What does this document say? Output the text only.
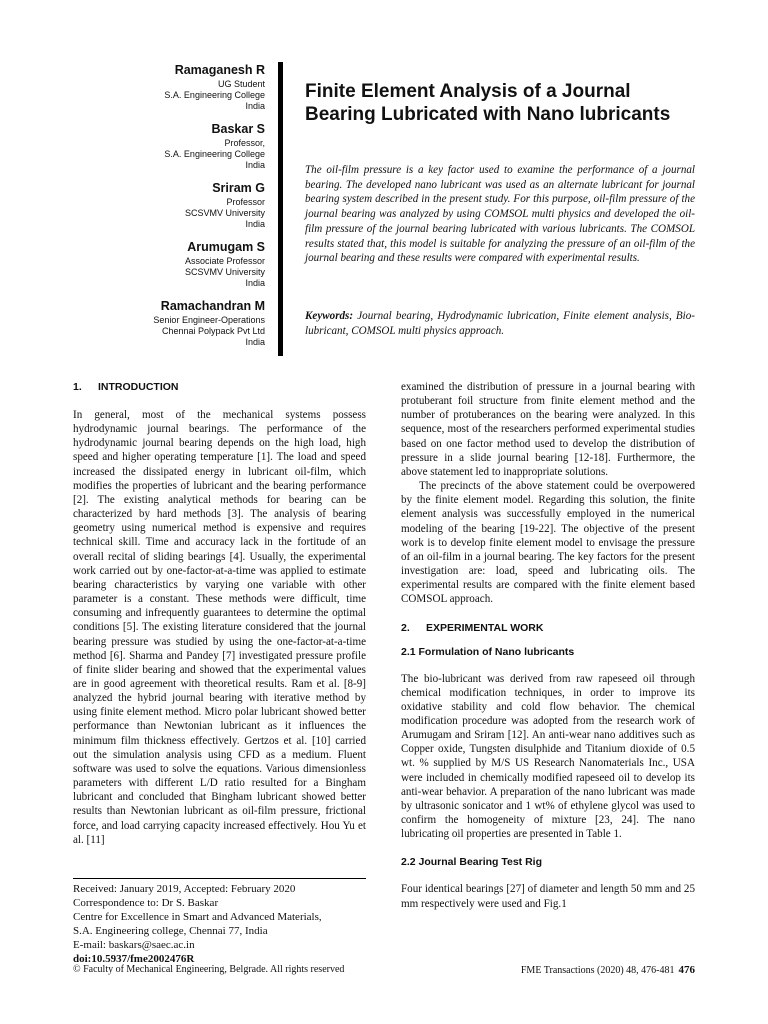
Ramaganesh R
UG Student
S.A. Engineering College
India
Baskar S
Professor,
S.A. Engineering College
India
Sriram G
Professor
SCSVMV University
India
Arumugam S
Associate Professor
SCSVMV University
India
Ramachandran M
Senior Engineer-Operations
Chennai Polypack Pvt Ltd
India
Finite Element Analysis of a Journal Bearing Lubricated with Nano lubricants

The oil-film pressure is a key factor used to examine the performance of a journal bearing. The developed nano lubricant was used as an alternate lubricant for journal bearing system described in the present study. For this purpose, oil-film pressure of the journal bearing was analyzed by using COMSOL multi physics and developed the oil-film pressure of the journal bearing lubricated with various lubricants. The COMSOL results stated that, this model is suitable for analyzing the pressure of an oil-film of the journal bearing and these results were compared with experimental results.

Keywords: Journal bearing, Hydrodynamic lubrication, Finite element analysis, Bio-lubricant, COMSOL multi physics approach.

1. INTRODUCTION

In general, most of the mechanical systems possess hydrodynamic journal bearings. The performance of the hydrodynamic journal bearing depends on the high load, high speed and higher operating temperature [1]. The load and speed increased the dissipated energy in lubricant oil-film, which modifies the properties of lubricant and the bearing performance [2]. The existing analytical methods for bearing can be characterized by hard methods [3]. The analysis of bearing geometry using numerical method is expensive and requires technical skill. Time and accuracy lack in the fortitude of an overall recital of sliding bearings [4]. Usually, the experimental work carried out by one-factor-at-a-time was applied to estimate bearing characteristics by varying one variable with other parameter is a constant. These methods were difficult, time consuming and infrequently guarantees to determine the optimal conditions [5]. The existing literature considered that the journal bearing pressure was studied by using the one-factor-at-a-time method [6]. Sharma and Pandey [7] investigated pressure profile of finite slider bearing and showed that the experimental values are in good agreement with theoretical results. Ram et al. [8-9] analyzed the hybrid journal bearing with iterative method by using finite element method. Micro polar lubricant showed better performance than Newtonian lubricant as it influences the minimum film thickness effectively. Gertzos et al. [10] carried out the simulation analysis using CFD as a medium. Fluent software was used to solve the equations. Various dimensionless parameters with different L/D ratio resulted for a Bingham lubricant and concluded that Bingham lubricant showed better results than Newtonian lubricant as oil-film pressure, frictional force, and load carrying capacity increased effectively. Hou Yu et al. [11]

examined the distribution of pressure in a journal bearing with protuberant foil structure from finite element method and the number of protuberances on the bearing were analyzed. In this sequence, most of the researchers performed experimental studies based on one factor method used to develop the distribution of pressure in a slide journal bearing [12-18]. Furthermore, the above statement led to inappropriate solutions.

The precincts of the above statement could be overpowered by the finite element model. Regarding this solution, the finite element analysis was successfully employed in the numerical modeling of the bearing [19-22]. The objective of the present work is to develop finite element model to envisage the pressure of an oil-film in a journal bearing. The key factors for the present investigation are: load, speed and lubricating oils. The experimental results are compared with the finite element based COMSOL approach.

2. EXPERIMENTAL WORK
2.1 Formulation of Nano lubricants

The bio-lubricant was derived from raw rapeseed oil through chemical modification techniques, in order to improve its oxidative stability and cold flow behavior. The chemical modification procedure was adopted from the research work of Arumugam and Sriram [12]. An anti-wear nano additives such as Copper oxide, Tungsten disulphide and Titanium dioxide of 0.5 wt. % supplied by M/S US Research Nanomaterials Inc., USA were included in chemically modified rapeseed oil to develop its anti-wear behavior. A preparation of the nano lubricant was made by ultrasonic sonicator and 1 wt% of ethylene glycol was used to confirm the homogeneity of mixture [23, 24]. The nano lubricating oil properties are presented in Table 1.

2.2 Journal Bearing Test Rig

Four identical bearings [27] of diameter and length 50 mm and 25 mm respectively were used and Fig.1

Received: January 2019, Accepted: February 2020
Correspondence to: Dr S. Baskar
Centre for Excellence in Smart and Advanced Materials,
S.A. Engineering college, Chennai 77, India
E-mail: baskars@saec.ac.in
doi:10.5937/fme2002476R
© Faculty of Mechanical Engineering, Belgrade. All rights reserved	FME Transactions (2020) 48, 476-481 476
